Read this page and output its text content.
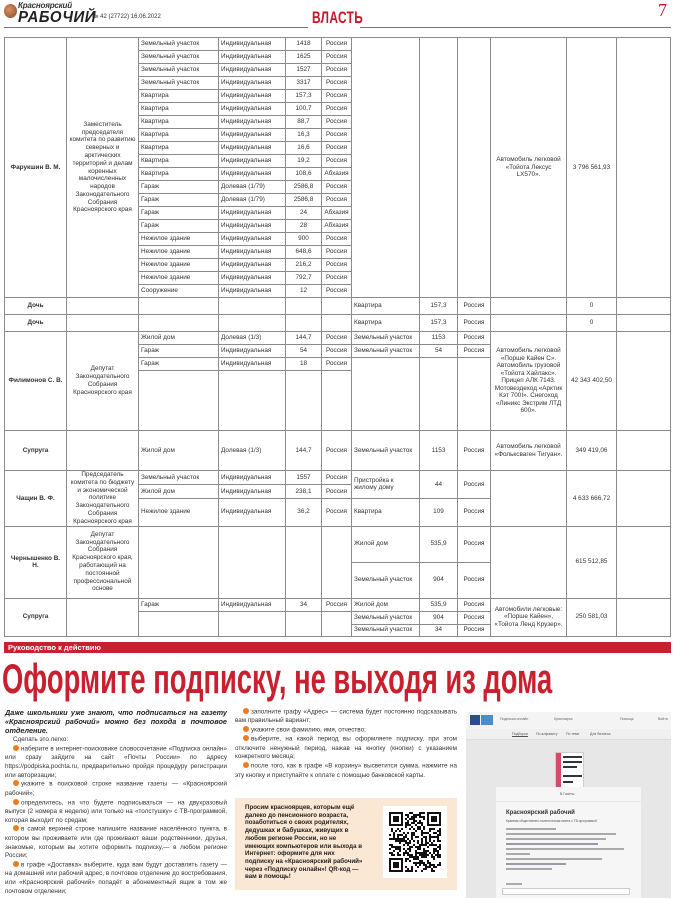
Красноярский
РАБОЧИЙ
№ 42 (27722) 16.06.2022	ВЛАСТЬ	7
Фарукшин В. М.	Заместитель председателя комитета по развитию северных и арктических территорий и делам коренных малочисленных народов Законодательного Собрания Красноярского края	Земельный участок	Индивидуальная	1418	Россия				Автомобиль легковой «Тойота Лексус LX570».	3 796 561,93	
		Земельный участок	Индивидуальная	1625	Россия						
		Земельный участок	Индивидуальная	1527	Россия						
		Земельный участок	Индивидуальная	3317	Россия						
		Квартира	Индивидуальная	157,3	Россия						
		Квартира	Индивидуальная	100,7	Россия						
		Квартира	Индивидуальная	88,7	Россия						
		Квартира	Индивидуальная	16,3	Россия						
		Квартира	Индивидуальная	16,6	Россия						
		Квартира	Индивидуальная	19,2	Россия						
		Квартира	Индивидуальная	108,6	Абхазия						
		Гараж	Долевая (1/79)	2586,8	Россия						
		Гараж	Долевая (1/79)	2586,8	Россия						
		Гараж	Индивидуальная	24	Абхазия						
		Гараж	Индивидуальная	28	Абхазия						
		Нежилое здание	Индивидуальная	900	Россия						
		Нежилое здание	Индивидуальная	648,6	Россия						
		Нежилое здание	Индивидуальная	216,2	Россия						
		Нежилое здание	Индивидуальная	792,7	Россия						
		Сооружение	Индивидуальная	12	Россия						
Дочь						Квартира	157,3	Россия		0	
Дочь						Квартира	157,3	Россия		0	
Филимонов С. В.	Депутат Законодательного Собрания Красноярского края	Жилой дом	Долевая (1/3)	144,7	Россия	Земельный участок	1153	Россия	Автомобиль легковой «Порше Кайен С». Автомобиль грузовой «Тойота Хайлакс». Прицеп АЛК 7143. Мотовездеход «Арктик Кэт 700І». Снегоход «Линикс Экстрим ЛТД 600».	42 343 402,50	
		Гараж	Индивидуальная	54	Россия	Земельный участок	54	Россия			
		Гараж	Индивидуальная	18	Россия						

Супруга		Жилой дом	Долевая (1/3)	144,7	Россия	Земельный участок	1153	Россия	Автомобиль легковой «Фольксваген Тигуан».	349 419,06	
Чащин В. Ф.	Председатель комитета по бюджету и экономической политике Законодательного Собрания Красноярского края	Земельный участок	Индивидуальная	1557	Россия	Пристройка к жилому дому	44	Россия		4 633 666,72	
		Жилой дом	Индивидуальная	238,1	Россия						
		Нежилое здание	Индивидуальная	36,2	Россия	Квартира	109	Россия			
Чернышенко В. Н.	Депутат Законодательного Собрания Красноярского края, работающий на постоянной профессиональной основе					Жилой дом	535,9	Россия		615 512,85	
						Земельный участок	904	Россия			
Супруга		Гараж	Индивидуальная	34	Россия	Жилой дом	535,9	Россия	Автомобили легковые: «Порше Кайен», «Тойота Ленд Крузер».	250 581,03	
						Земельный участок	904	Россия			
						Земельный участок	34	Россия			
Руководство к действию
Оформите подписку, не выходя из дома
Даже школьники уже знают, что подписаться на газету «Красноярский рабочий» можно без похода в почтовое отделение.

Сделать это легко:

наберите в интернет-поисковике словосочетание «Подписка онлайн» или сразу зайдите на сайт «Почты России» по адресу https://podpiska.pochta.ru, предварительно пройдя процедуру регистрации или авторизации;

укажите в поисковой строке название газеты — «Красноярский рабочий»;

определитесь, на что будете подписываться — на двухразовый выпуск (2 номера в неделю) или только на «толстушку» с ТВ-программой, которая выходит по средам;

в самой верхней строке напишите название населённого пункта, в котором вы проживаете или где проживают ваши родственники, друзья, знакомые, которым вы хотите оформить подписку,— в любом регионе России;

в графе «Доставка» выберите, куда вам будут доставлять газету — на домашний или рабочий адрес, в почтовое отделение до востребования, или «Красноярский рабочий» попадёт в абонементный ящик в том же почтовом отделении;

заполните графу «Адрес» — система будет постоянно подсказывать вам правильный вариант;

укажите свои фамилию, имя, отчество;

выберите, на какой период вы оформляете подписку, при этом отключите ненужный период, нажав на кнопку (кнопки) с указанием конкретного месяца;

после того, как в графе «В корзину» высветится сумма, нажмите на эту кнопку и приступайте к оплате с помощью банковской карты.

Просим красноярцев, которым ещё далеко до пенсионного возраста, позаботиться о своих родителях, дедушках и бабушках, живущих в любом регионе России, но не имеющих компьютеров или выхода в Интернет: оформите для них подписку на «Красноярский рабочий» через «Подписку онлайн»! QR-код — вам в помощь!
Подписка онлайн	Красноярск	Помощь	Войти
Подборки По алфавиту По теме	Для бизнеса
В Газеты
Красноярский рабочий
Краевая общественно-политическая газета с ТВ-программой
